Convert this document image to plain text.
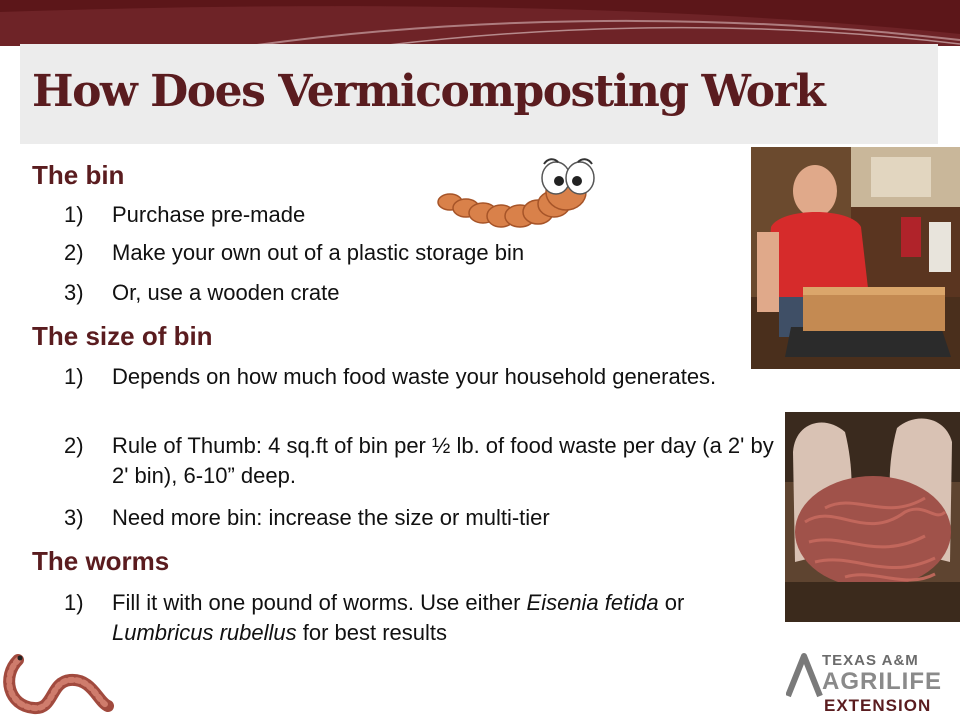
How Does Vermicomposting Work
The bin
1)	Purchase pre-made
2)	Make your own out of a plastic storage bin
3)	Or, use a wooden crate
The size of bin
1)	Depends on how much food waste your household generates.
2)	Rule of Thumb: 4 sq.ft of bin per ½ lb. of food waste per day (a 2' by 2' bin), 6-10” deep.
3)	Need more bin: increase the size or multi-tier
The worms
1)	Fill it with one pound of worms. Use either Eisenia fetida or Lumbricus rubellus for best results
TEXAS A&M
AGRILIFE
EXTENSION
